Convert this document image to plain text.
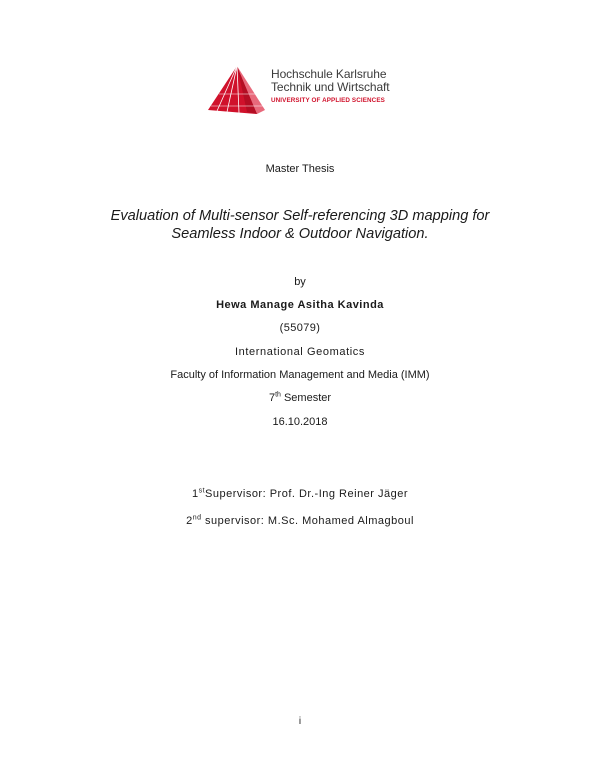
Hochschule Karlsruhe
Technik und Wirtschaft
UNIVERSITY OF APPLIED SCIENCES
Master Thesis
Evaluation of Multi-sensor Self-referencing 3D mapping for
Seamless Indoor & Outdoor Navigation.
by
Hewa Manage Asitha Kavinda
(55079)
International Geomatics
Faculty of Information Management and Media (IMM)
7th Semester
16.10.2018
1stSupervisor: Prof. Dr.-Ing Reiner Jäger
2nd supervisor: M.Sc. Mohamed Almagboul
i
